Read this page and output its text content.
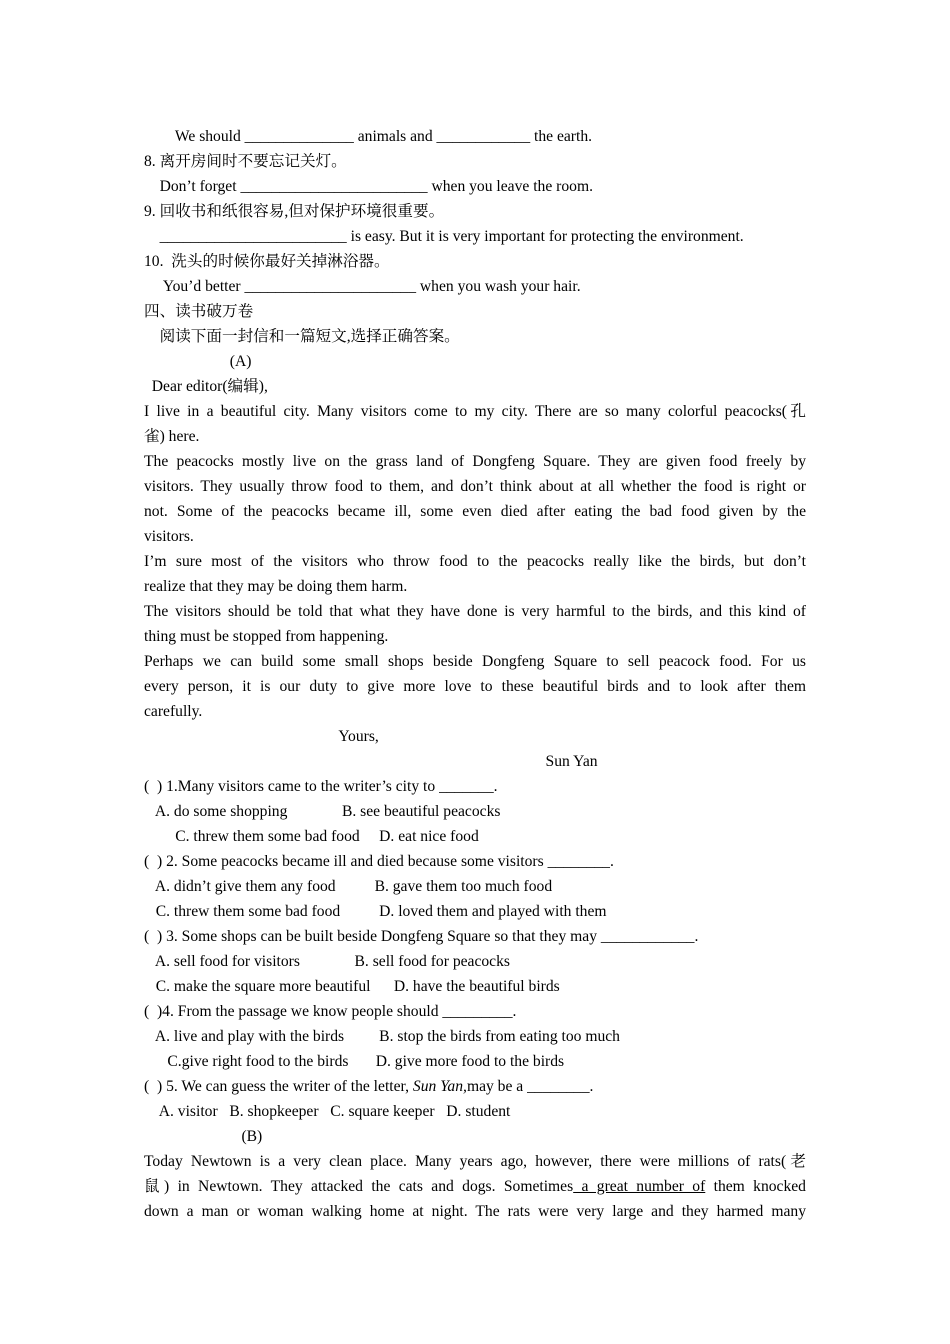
We should ______________ animals and ____________ the earth.
8. 离开房间时不要忘记关灯。
Don’t forget ________________________ when you leave the room.
9. 回收书和纸很容易,但对保护环境很重要。
________________________ is easy. But it is very important for protecting the environment.
10.  洗头的时候你最好关掉淋浴器。
You’d better ______________________ when you wash your hair.
四、读书破万卷
阅读下面一封信和一篇短文,选择正确答案。
(A)
Dear editor(编辑),
I live in a beautiful city. Many visitors come to my city. There are so many colorful peacocks(孔
雀) here.
The peacocks mostly live on the grass land of Dongfeng Square. They are given food freely by
visitors. They usually throw food to them, and don’t think about at all whether the food is right or
not. Some of the peacocks became ill, some even died after eating the bad food given by the
visitors.
I’m sure most of the visitors who throw food to the peacocks really like the birds, but don’t
realize that they may be doing them harm.
The visitors should be told that what they have done is very harmful to the birds, and this kind of
thing must be stopped from happening.
Perhaps we can build some small shops beside Dongfeng Square to sell peacock food. For us
every person, it is our duty to give more love to these beautiful birds and to look after them
carefully.
Yours,
Sun Yan
(  ) 1.Many visitors came to the writer’s city to _______.
A. do some shopping              B. see beautiful peacocks
C. threw them some bad food     D. eat nice food
(  ) 2. Some peacocks became ill and died because some visitors ________.
A. didn’t give them any food          B. gave them too much food
C. threw them some bad food          D. loved them and played with them
(  ) 3. Some shops can be built beside Dongfeng Square so that they may ____________.
A. sell food for visitors              B. sell food for peacocks
C. make the square more beautiful      D. have the beautiful birds
(  )4. From the passage we know people should _________.
A. live and play with the birds         B. stop the birds from eating too much
C.give right food to the birds       D. give more food to the birds
(  ) 5. We can guess the writer of the letter, Sun Yan,may be a ________.
A. visitor   B. shopkeeper   C. square keeper   D. student
(B)
Today Newtown is a very clean place. Many years ago, however, there were millions of rats(老
鼠) in Newtown. They attacked the cats and dogs. Sometimes a great number of them knocked
down a man or woman walking home at night. The rats were very large and they harmed many
